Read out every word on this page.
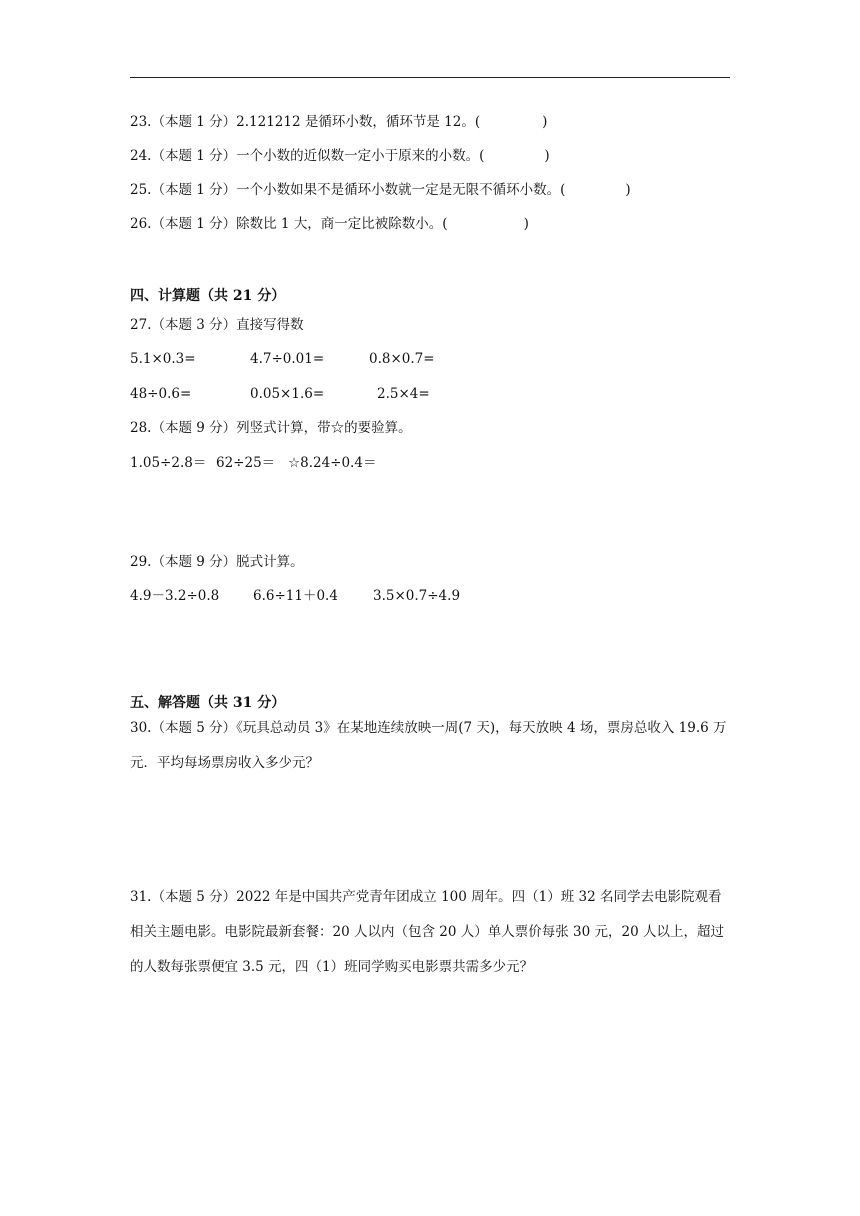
23.（本题 1 分）2.121212 是循环小数，循环节是 12。(	)
24.（本题 1 分）一个小数的近似数一定小于原来的小数。(	)
25.（本题 1 分）一个小数如果不是循环小数就一定是无限不循环小数。(	)
26.（本题 1 分）除数比 1 大，商一定比被除数小。(	)
四、计算题（共 21 分）
27.（本题 3 分）直接写得数
5.1×0.3=	4.7÷0.01=	0.8×0.7=
48÷0.6=	0.05×1.6=	2.5×4=
28.（本题 9 分）列竖式计算，带☆的要验算。
1.05÷2.8＝ 62÷25＝ ☆8.24÷0.4＝
29.（本题 9 分）脱式计算。
4.9－3.2÷0.8	6.6÷11＋0.4	3.5×0.7÷4.9
五、解答题（共 31 分）
30.（本题 5 分）《玩具总动员 3》在某地连续放映一周(7 天)，每天放映 4 场，票房总收入 19.6 万元．平均每场票房收入多少元？
31.（本题 5 分）2022 年是中国共产党青年团成立 100 周年。四（1）班 32 名同学去电影院观看相关主题电影。电影院最新套餐：20 人以内（包含 20 人）单人票价每张 30 元，20 人以上，超过的人数每张票便宜 3.5 元，四（1）班同学购买电影票共需多少元？
